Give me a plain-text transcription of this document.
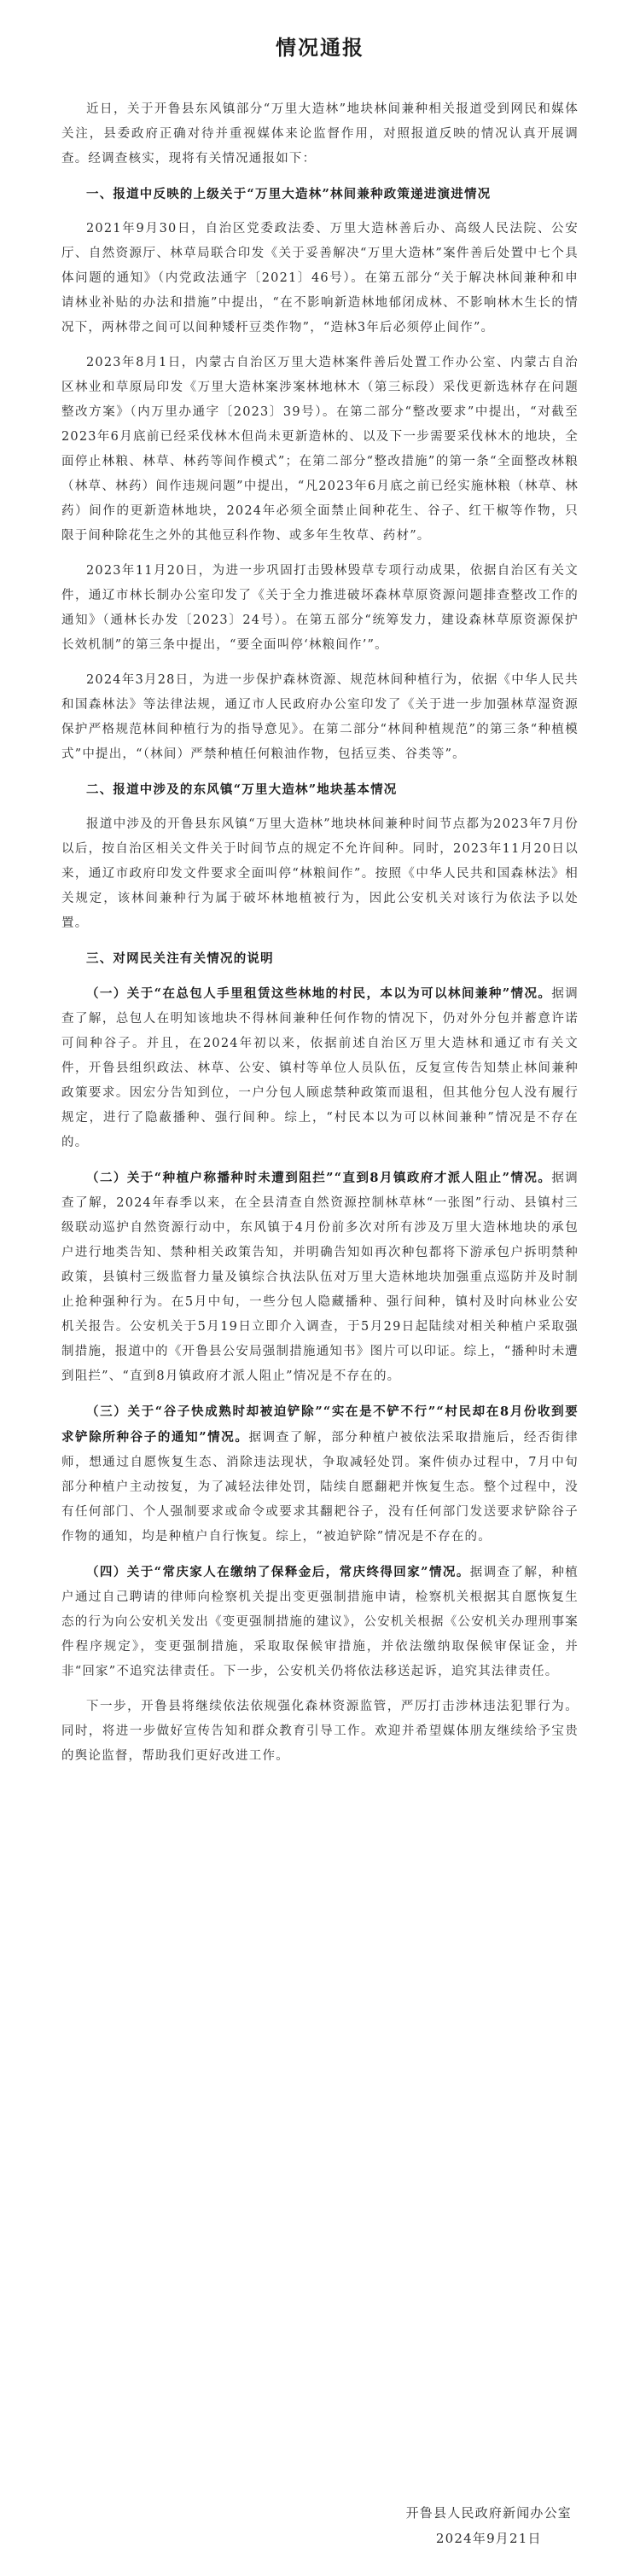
情况通报

近日，关于开鲁县东风镇部分“万里大造林”地块林间兼种相关报道受到网民和媒体关注，县委政府正确对待并重视媒体来论监督作用，对照报道反映的情况认真开展调查。经调查核实，现将有关情况通报如下：

一、报道中反映的上级关于“万里大造林”林间兼种政策递进演进情况

2021年9月30日，自治区党委政法委、万里大造林善后办、高级人民法院、公安厅、自然资源厅、林草局联合印发《关于妥善解决“万里大造林”案件善后处置中七个具体问题的通知》（内党政法通字〔2021〕46号）。在第五部分“关于解决林间兼种和申请林业补贴的办法和措施”中提出，“在不影响新造林地郁闭成林、不影响林木生长的情况下，两林带之间可以间种矮杆豆类作物”，“造林3年后必须停止间作”。

2023年8月1日，内蒙古自治区万里大造林案件善后处置工作办公室、内蒙古自治区林业和草原局印发《万里大造林案涉案林地林木（第三标段）采伐更新选林存在问题整改方案》（内万里办通字〔2023〕39号）。在第二部分“整改要求”中提出，“对截至2023年6月底前已经采伐林木但尚未更新造林的、以及下一步需要采伐林木的地块，全面停止林粮、林草、林药等间作模式”；在第二部分“整改措施”的第一条“全面整改林粮（林草、林药）间作违规问题”中提出，“凡2023年6月底之前已经实施林粮（林草、林药）间作的更新造林地块，2024年必须全面禁止间种花生、谷子、红干椒等作物，只限于间种除花生之外的其他豆科作物、或多年生牧草、药材”。

2023年11月20日，为进一步巩固打击毁林毁草专项行动成果，依据自治区有关文件，通辽市林长制办公室印发了《关于全力推进破坏森林草原资源问题排查整改工作的通知》（通林长办发〔2023〕24号）。在第五部分“统筹发力，建设森林草原资源保护长效机制”的第三条中提出，“要全面叫停‘林粮间作’”。

2024年3月28日，为进一步保护森林资源、规范林间种植行为，依据《中华人民共和国森林法》等法律法规，通辽市人民政府办公室印发了《关于进一步加强林草湿资源保护严格规范林间种植行为的指导意见》。在第二部分“林间种植规范”的第三条“种植模式”中提出，“（林间）严禁种植任何粮油作物，包括豆类、谷类等”。

二、报道中涉及的东风镇“万里大造林”地块基本情况

报道中涉及的开鲁县东风镇“万里大造林”地块林间兼种时间节点都为2023年7月份以后，按自治区相关文件关于时间节点的规定不允许间种。同时，2023年11月20日以来，通辽市政府印发文件要求全面叫停“林粮间作”。按照《中华人民共和国森林法》相关规定，该林间兼种行为属于破坏林地植被行为，因此公安机关对该行为依法予以处置。

三、对网民关注有关情况的说明

（一）关于“在总包人手里租赁这些林地的村民，本以为可以林间兼种”情况。据调查了解，总包人在明知该地块不得林间兼种任何作物的情况下，仍对外分包并蓄意许诺可间种谷子。并且，在2024年初以来，依据前述自治区万里大造林和通辽市有关文件，开鲁县组织政法、林草、公安、镇村等单位人员队伍，反复宣传告知禁止林间兼种政策要求。因宏分告知到位，一户分包人顾虑禁种政策而退租，但其他分包人没有履行规定，进行了隐蔽播种、强行间种。综上，“村民本以为可以林间兼种”情况是不存在的。

（二）关于“种植户称播种时未遭到阻拦”“直到8月镇政府才派人阻止”情况。据调查了解，2024年春季以来，在全县清查自然资源控制林草林“一张图”行动、县镇村三级联动巡护自然资源行动中，东风镇于4月份前多次对所有涉及万里大造林地块的承包户进行地类告知、禁种相关政策告知，并明确告知如再次种包都将下游承包户拆明禁种政策，县镇村三级监督力量及镇综合执法队伍对万里大造林地块加强重点巡防并及时制止抢种强种行为。在5月中旬，一些分包人隐藏播种、强行间种，镇村及时向林业公安机关报告。公安机关于5月19日立即介入调查，于5月29日起陆续对相关种植户采取强制措施，报道中的《开鲁县公安局强制措施通知书》图片可以印证。综上，“播种时未遭到阻拦”、“直到8月镇政府才派人阻止”情况是不存在的。

（三）关于“谷子快成熟时却被迫铲除”“实在是不铲不行”“村民却在8月份收到要求铲除所种谷子的通知”情况。据调查了解，部分种植户被依法采取措施后，经否街律师，想通过自愿恢复生态、消除违法现状，争取减轻处罚。案件侦办过程中，7月中旬部分种植户主动按复，为了减轻法律处罚，陆续自愿翻耙并恢复生态。整个过程中，没有任何部门、个人强制要求或命令或要求其翻耙谷子，没有任何部门发送要求铲除谷子作物的通知，均是种植户自行恢复。综上，“被迫铲除”情况是不存在的。

（四）关于“常庆家人在缴纳了保释金后，常庆终得回家”情况。据调查了解，种植户通过自己聘请的律师向检察机关提出变更强制措施申请，检察机关根据其自愿恢复生态的行为向公安机关发出《变更强制措施的建议》，公安机关根据《公安机关办理刑事案件程序规定》，变更强制措施，采取取保候审措施，并依法缴纳取保候审保证金，并非“回家”不追究法律责任。下一步，公安机关仍将依法移送起诉，追究其法律责任。

下一步，开鲁县将继续依法依规强化森林资源监管，严厉打击涉林违法犯罪行为。同时，将进一步做好宣传告知和群众教育引导工作。欢迎并希望媒体朋友继续给予宝贵的舆论监督，帮助我们更好改进工作。

开鲁县人民政府新闻办公室
2024年9月21日
